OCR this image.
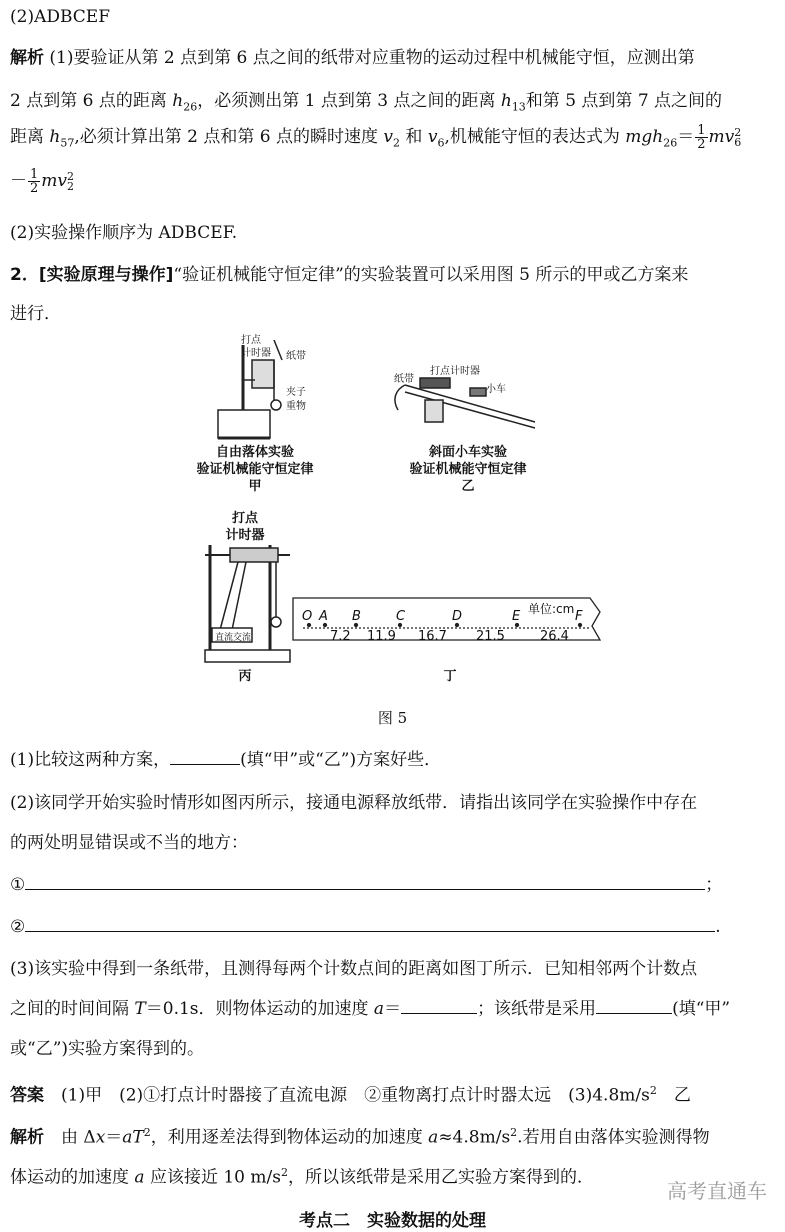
(2)ADBCEF
解析 (1)要验证从第 2 点到第 6 点之间的纸带对应重物的运动过程中机械能守恒，应测出第
2 点到第 6 点的距离 $h_{26}$，必须测出第 1 点到第 3 点之间的距离 $h_{13}$和第 5 点到第 7 点之间的
距离 $h_{57}$,必须计算出第 2 点和第 6 点的瞬时速度 $v_2$ 和 $v_6$,机械能守恒的表达式为 $mgh_{26}= \frac{1}{2}$ mv 2
6
－ $\frac{1}{2}$ mv 2
2
(2)实验操作顺序为 ADBCEF.
2．[实验原理与操作]“验证机械能守恒定律”的实验装置可以采用图 5 所示的甲或乙方案来
进行．
打点
计时器 纸带
夹子
重物
自由落体实验
验证机械能守恒定律
甲
纸带
打点计时器
小车
斜面小车实验
验证机械能守恒定律
乙
打点
计时器
直流 交流
丙
单位:cm
O A B	C	D	E	F
7.2 11.9 16.7 21.5	26.4
丁
图 5
(1)比较这两种方案，	(填“甲”或“乙”)方案好些．
(2)该同学开始实验时情形如图丙所示，接通电源释放纸带．请指出该同学在实验操作中存在
的两处明显错误或不当的地方：
①	；
②	.
(3)该实验中得到一条纸带，且测得每两个计数点间的距离如图丁所示．已知相邻两个计数点
之间的时间间隔 T＝0.1s．则物体运动的加速度 a＝	；该纸带是采用	(填“甲”
或“乙”)实验方案得到的。
答案　 (1)甲　(2)①打点计时器接了直流电源　②重物离打点计时器太远　$(3)4.8m/s^2$　乙
解析　 由 $\Delta x=aT^2$，利用逐差法得到物体运动的加速度 $a\approx 4.8m/s^2$.若用自由落体实验测得物
体运动的加速度 a 应该接近 10 $m/s^2$，所以该纸带是采用乙实验方案得到的．
高考直通车
考点二　实验数据的处理
